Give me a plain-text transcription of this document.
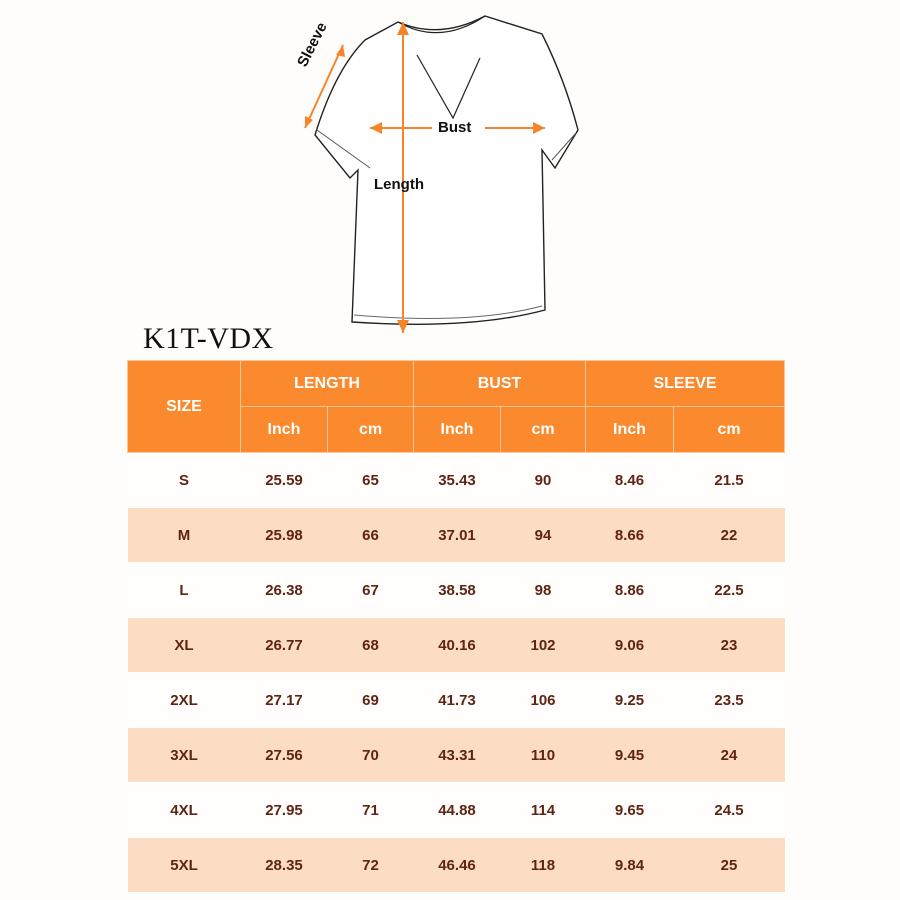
Sleeve
Bust
Length
K1T-VDX
SIZE	LENGTH		BUST		SLEEVE	
	Inch	cm	Inch	cm	Inch	cm
S	25.59	65	35.43	90	8.46	21.5
M	25.98	66	37.01	94	8.66	22
L	26.38	67	38.58	98	8.86	22.5
XL	26.77	68	40.16	102	9.06	23
2XL	27.17	69	41.73	106	9.25	23.5
3XL	27.56	70	43.31	110	9.45	24
4XL	27.95	71	44.88	114	9.65	24.5
5XL	28.35	72	46.46	118	9.84	25
